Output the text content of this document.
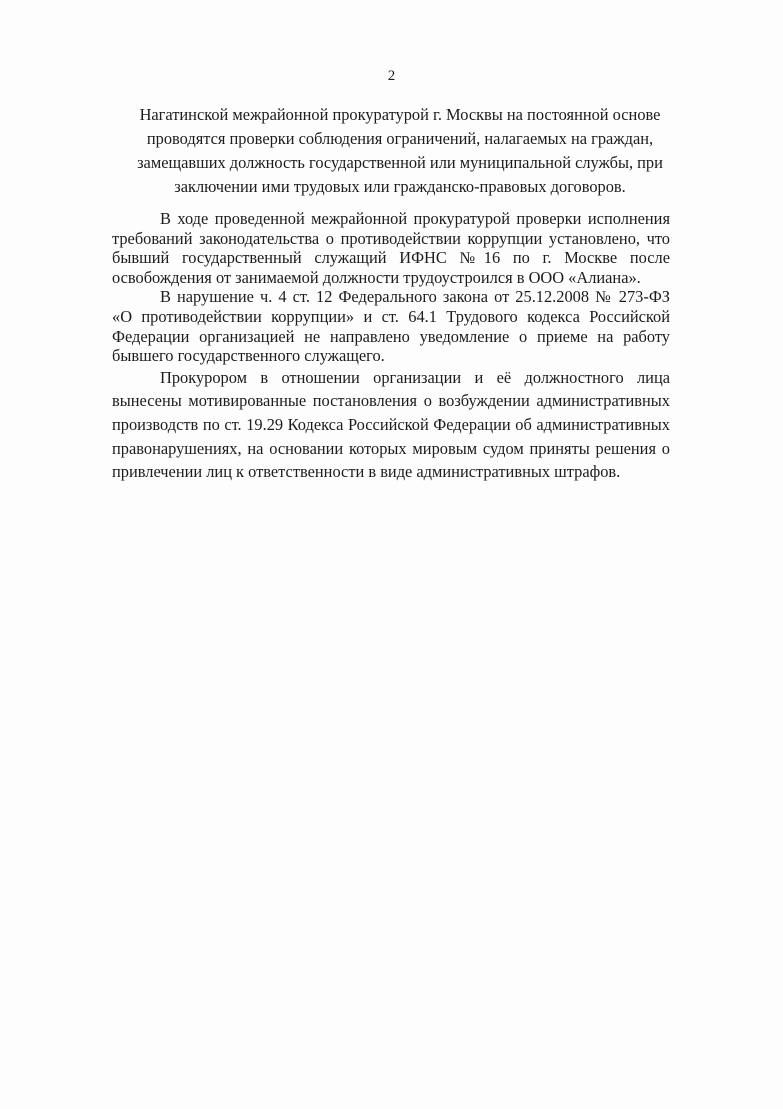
2
Нагатинской межрайонной прокуратурой г. Москвы на постоянной основе
проводятся проверки соблюдения ограничений, налагаемых на граждан,
замещавших должность государственной или муниципальной службы, при
заключении ими трудовых или гражданско-правовых договоров.

В ходе проведенной межрайонной прокуратурой проверки исполнения требований законодательства о противодействии коррупции установлено, что бывший государственный служащий ИФНС №16 по г. Москве после освобождения от занимаемой должности трудоустроился в ООО «Алиана».

В нарушение ч. 4 ст. 12 Федерального закона от 25.12.2008 № 273-ФЗ «О противодействии коррупции» и ст. 64.1 Трудового кодекса Российской Федерации организацией не направлено уведомление о приеме на работу бывшего государственного служащего.

Прокурором в отношении организации и её должностного лица вынесены мотивированные постановления о возбуждении административных производств по ст. 19.29 Кодекса Российской Федерации об административных правонарушениях, на основании которых мировым судом приняты решения о привлечении лиц к ответственности в виде административных штрафов.
